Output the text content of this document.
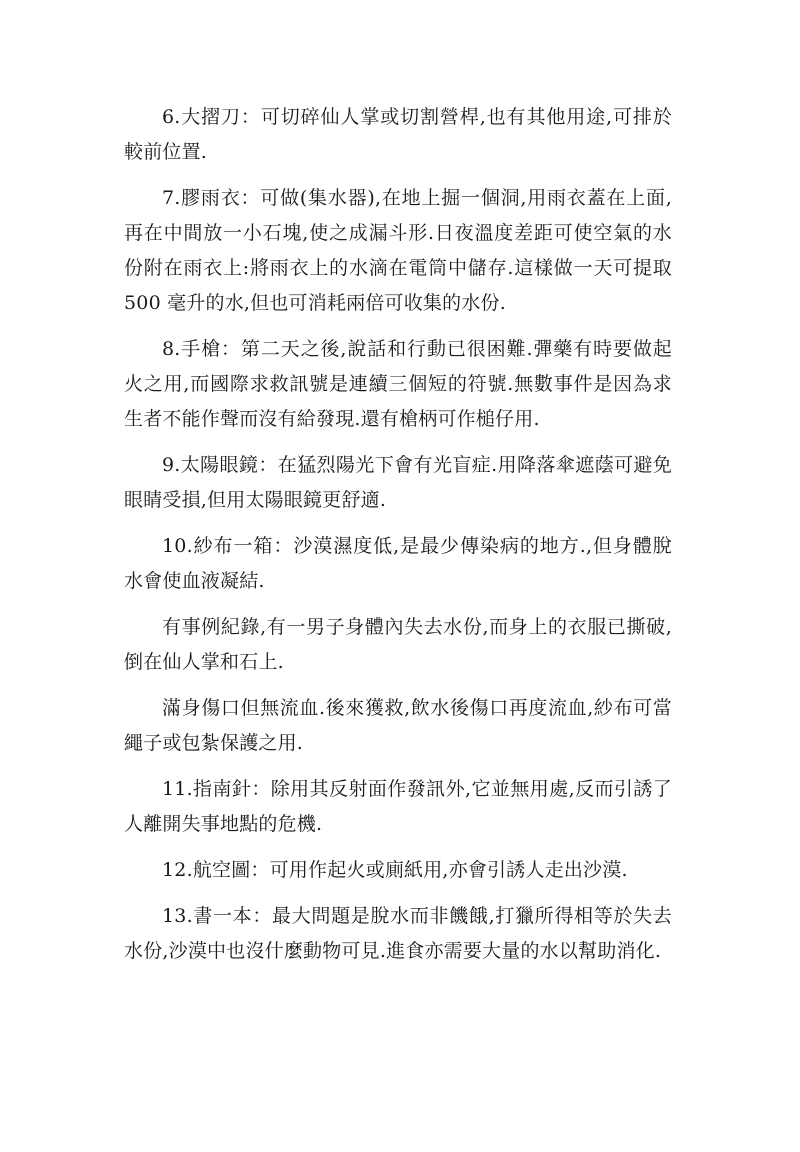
6.大摺刀：可切碎仙人掌或切割營桿,也有其他用途,可排於較前位置.

7.膠雨衣：可做(集水器),在地上掘一個洞,用雨衣蓋在上面,再在中間放一小石塊,使之成漏斗形.日夜溫度差距可使空氣的水份附在雨衣上:將雨衣上的水滴在電筒中儲存.這樣做一天可提取 500 毫升的水,但也可消耗兩倍可收集的水份.

8.手槍：第二天之後,說話和行動已很困難.彈藥有時要做起火之用,而國際求救訊號是連續三個短的符號.無數事件是因為求生者不能作聲而沒有給發現.還有槍柄可作槌仔用.

9.太陽眼鏡：在猛烈陽光下會有光盲症.用降落傘遮蔭可避免眼睛受損,但用太陽眼鏡更舒適.

10.紗布一箱：沙漠濕度低,是最少傳染病的地方.,但身體脫水會使血液凝結.

有事例紀錄,有一男子身體內失去水份,而身上的衣服已撕破,倒在仙人掌和石上.

滿身傷口但無流血.後來獲救,飲水後傷口再度流血,紗布可當繩子或包紮保護之用.

11.指南針：除用其反射面作發訊外,它並無用處,反而引誘了人離開失事地點的危機.

12.航空圖：可用作起火或廁紙用,亦會引誘人走出沙漠.

13.書一本：最大問題是脫水而非饑餓,打獵所得相等於失去水份,沙漠中也沒什麼動物可見.進食亦需要大量的水以幫助消化.
